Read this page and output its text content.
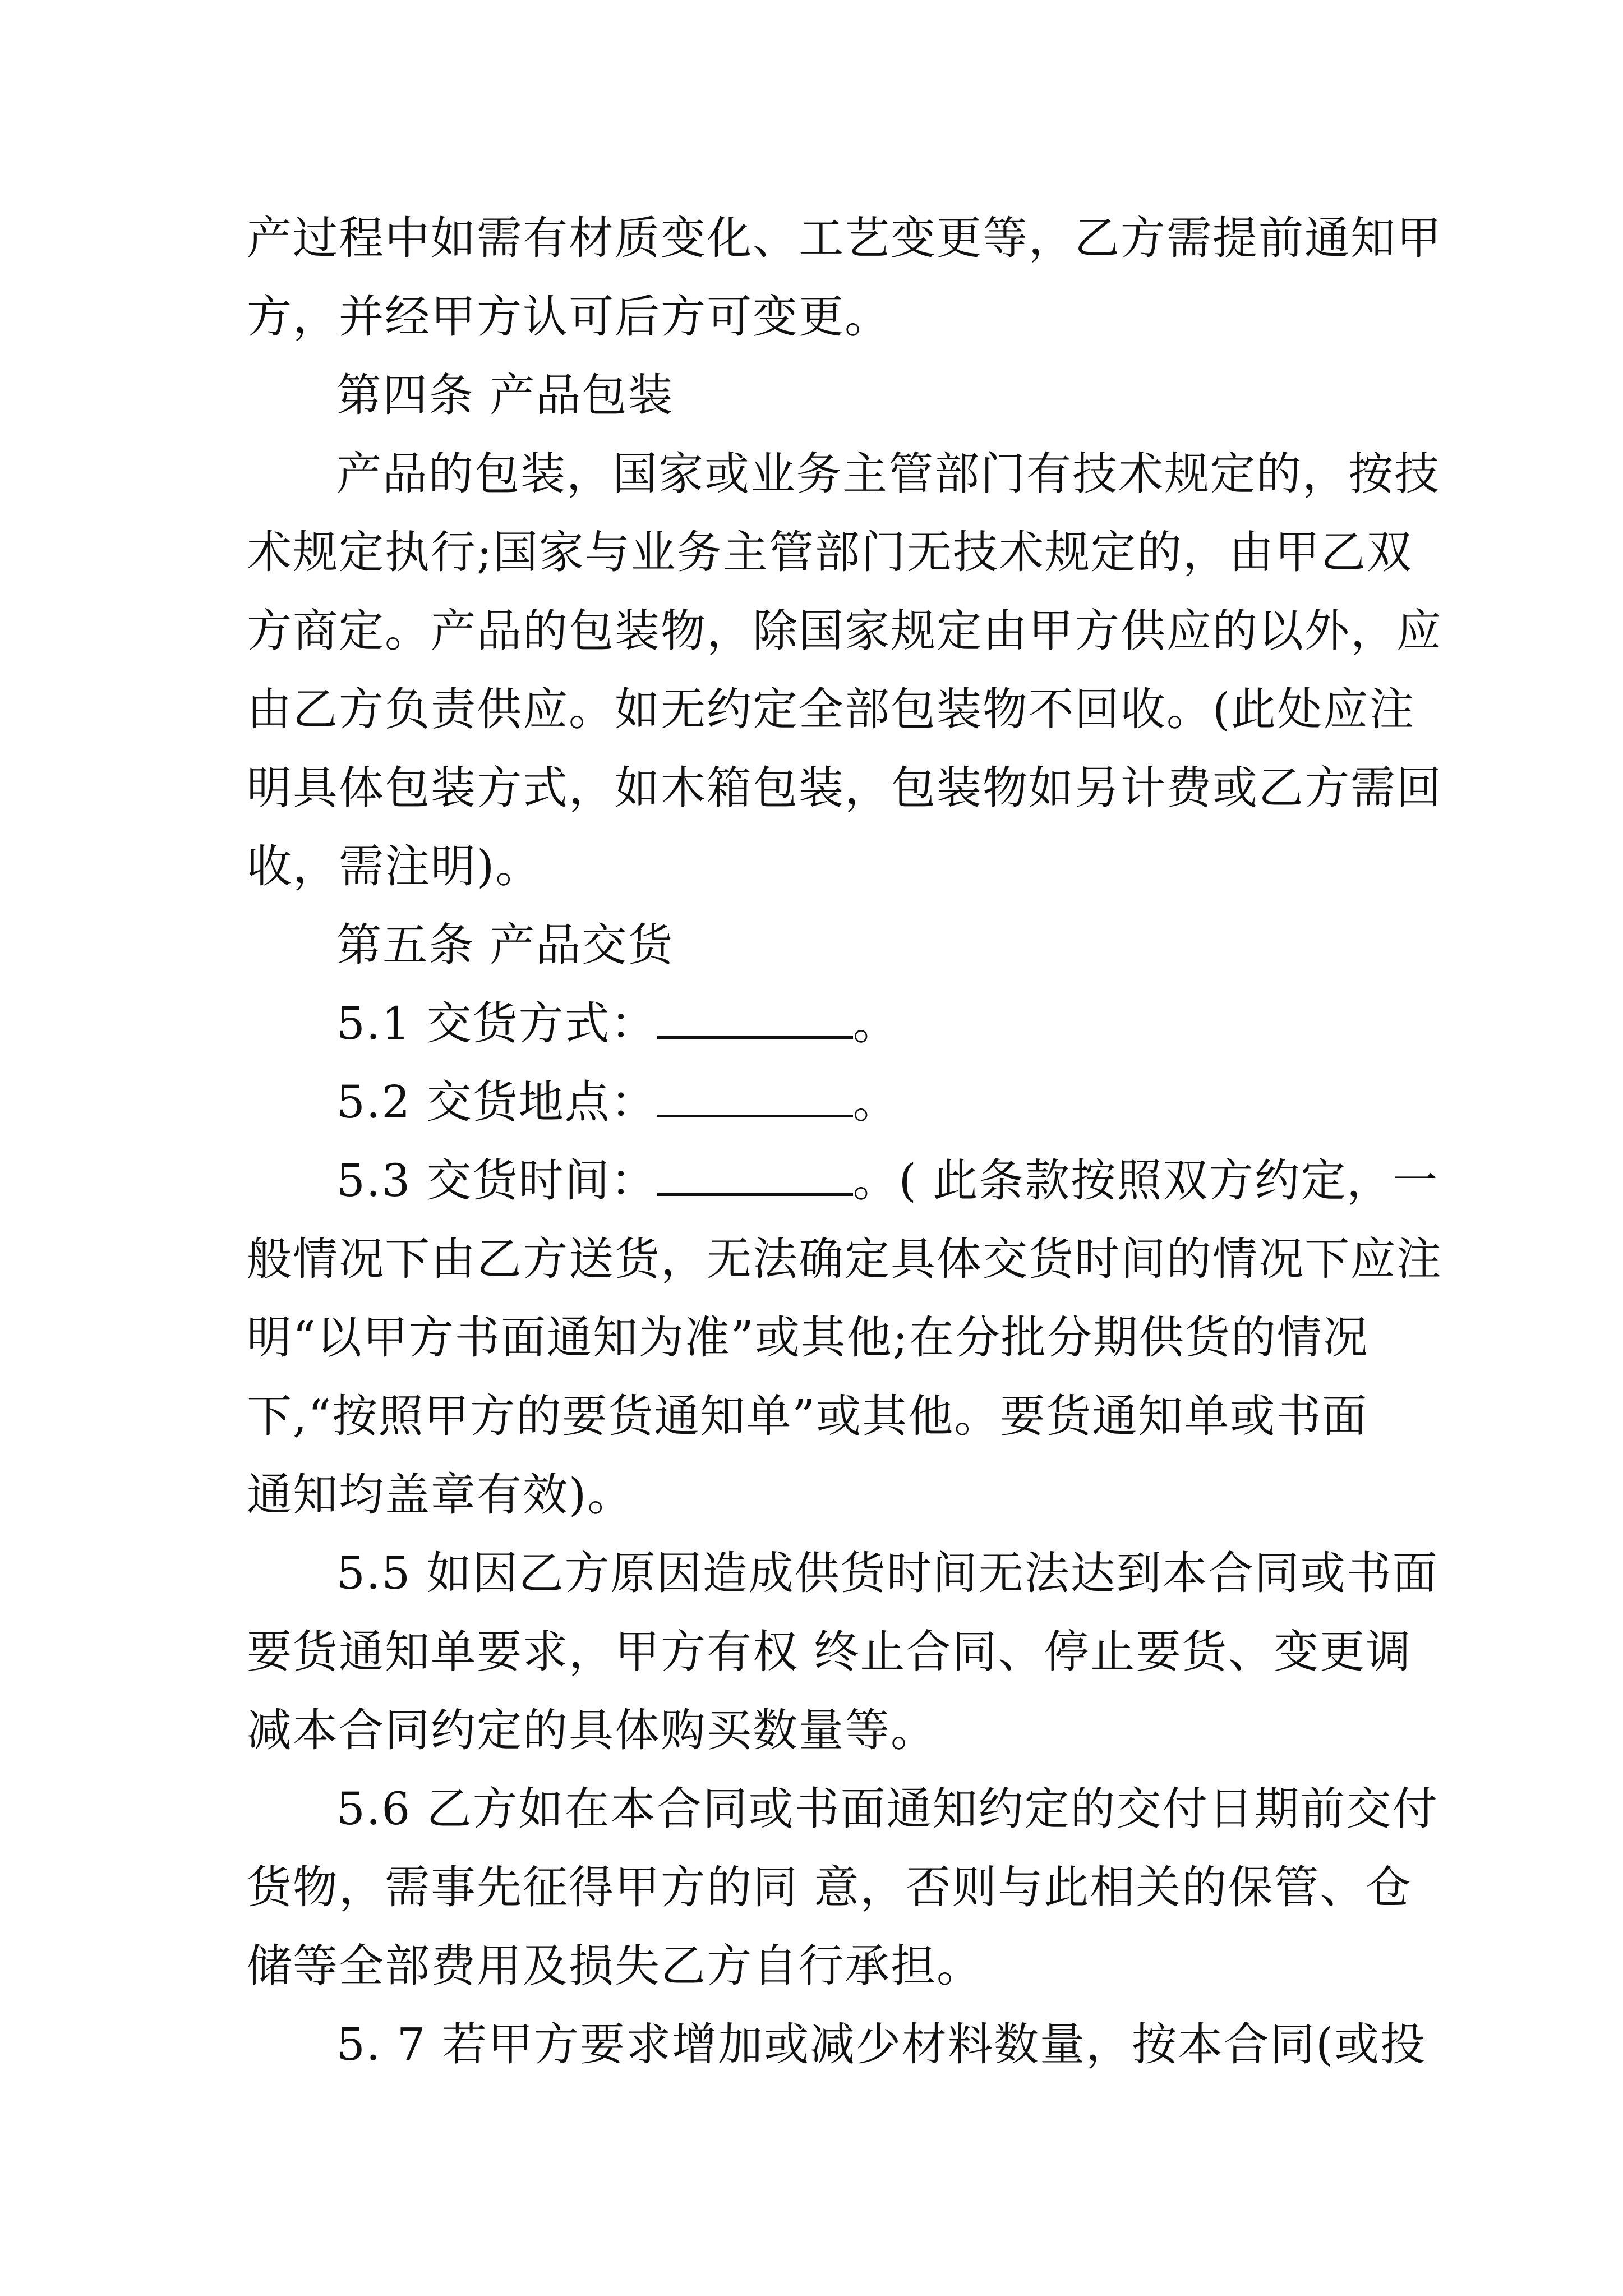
产过程中如需有材质变化、工艺变更等，乙方需提前通知甲
方，并经甲方认可后方可变更。
第四条 产品包装
产品的包装，国家或业务主管部门有技术规定的，按技
术规定执行;国家与业务主管部门无技术规定的，由甲乙双
方商定。产品的包装物，除国家规定由甲方供应的以外，应
由乙方负责供应。如无约定全部包装物不回收。(此处应注
明具体包装方式，如木箱包装，包装物如另计费或乙方需回
收，需注明)。
第五条 产品交货
5.1 交货方式：	。
5.2 交货地点：	。
5.3 交货时间：	。( 此条款按照双方约定，一
般情况下由乙方送货，无法确定具体交货时间的情况下应注
明“以甲方书面通知为准”或其他;在分批分期供货的情况
下,“按照甲方的要货通知单”或其他。要货通知单或书面
通知均盖章有效)。
5.5 如因乙方原因造成供货时间无法达到本合同或书面
要货通知单要求，甲方有权 终止合同、停止要货、变更调
减本合同约定的具体购买数量等。
5.6 乙方如在本合同或书面通知约定的交付日期前交付
货物，需事先征得甲方的同 意，否则与此相关的保管、仓
储等全部费用及损失乙方自行承担。
5. 7 若甲方要求增加或减少材料数量，按本合同(或投
